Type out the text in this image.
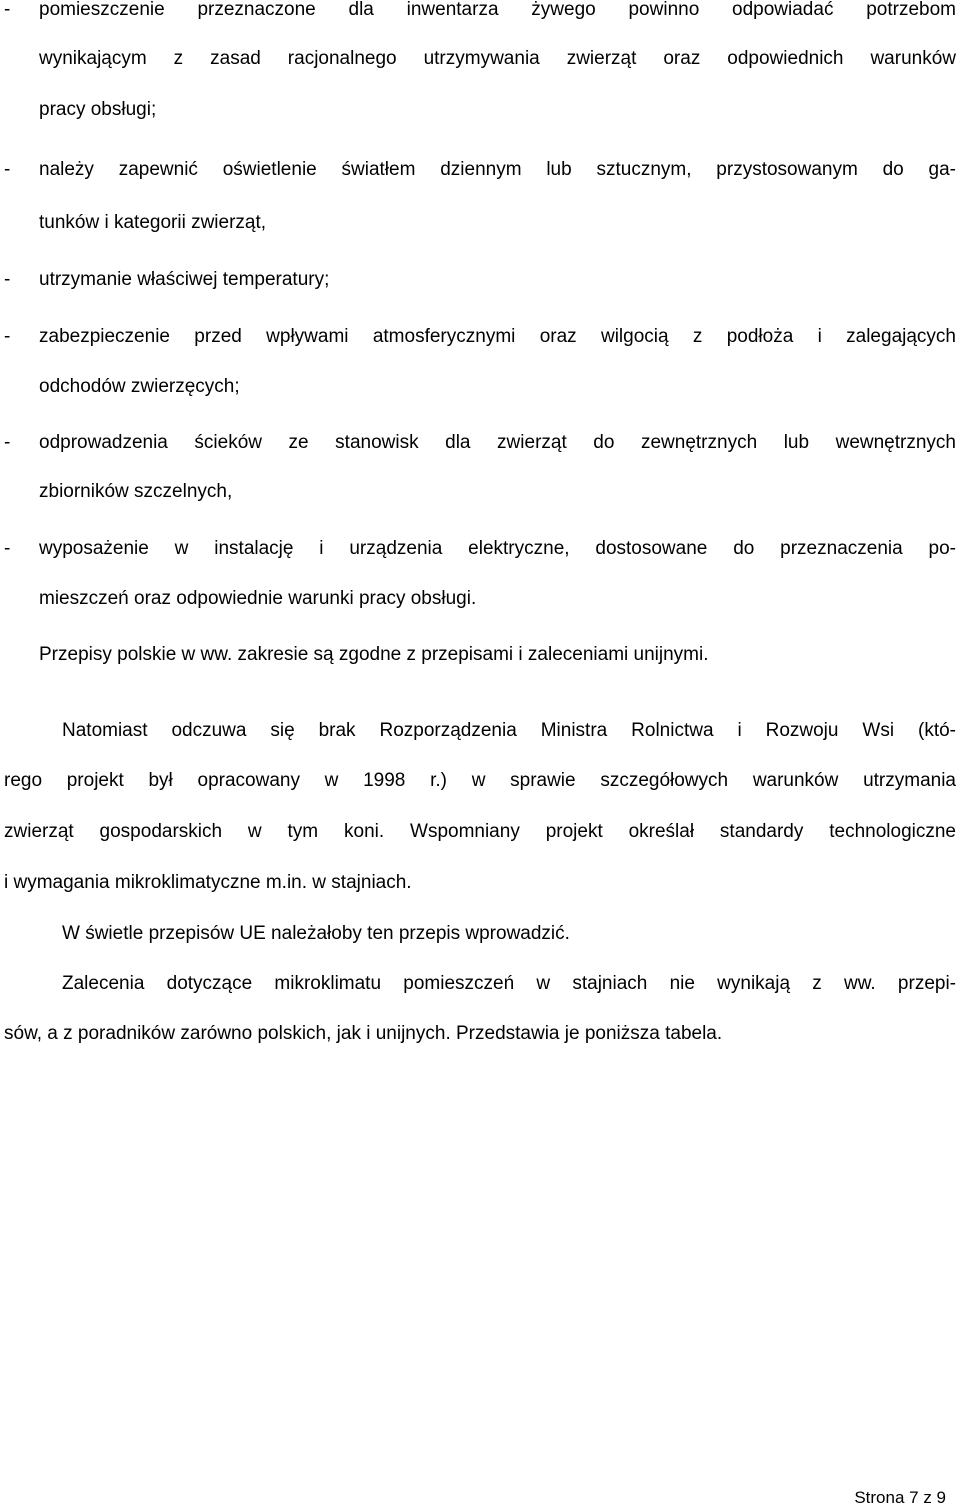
- pomieszczenie przeznaczone dla inwentarza żywego powinno odpowiadać potrzebom
wynikającym z zasad racjonalnego utrzymywania zwierząt oraz odpowiednich warunków
pracy obsługi;
- należy zapewnić oświetlenie światłem dziennym lub sztucznym, przystosowanym do ga-
tunków i kategorii zwierząt,
- utrzymanie właściwej temperatury;
- zabezpieczenie przed wpływami atmosferycznymi oraz wilgocią z podłoża i zalegających
odchodów zwierzęcych;
- odprowadzenia ścieków ze stanowisk dla zwierząt do zewnętrznych lub wewnętrznych
zbiorników szczelnych,
- wyposażenie w instalację i urządzenia elektryczne, dostosowane do przeznaczenia po-
mieszczeń oraz odpowiednie warunki pracy obsługi.
Przepisy polskie w ww. zakresie są zgodne z przepisami i zaleceniami unijnymi.
Natomiast odczuwa się brak Rozporządzenia Ministra Rolnictwa i Rozwoju Wsi (któ-
rego projekt był opracowany w 1998 r.) w sprawie szczegółowych warunków utrzymania
zwierząt gospodarskich w tym koni. Wspomniany projekt określał standardy technologiczne
i wymagania mikroklimatyczne m.in. w stajniach.
W świetle przepisów UE należałoby ten przepis wprowadzić.
Zalecenia dotyczące mikroklimatu pomieszczeń w stajniach nie wynikają z ww. przepi-
sów, a z poradników zarówno polskich, jak i unijnych. Przedstawia je poniższa tabela.
Strona 7 z 9
